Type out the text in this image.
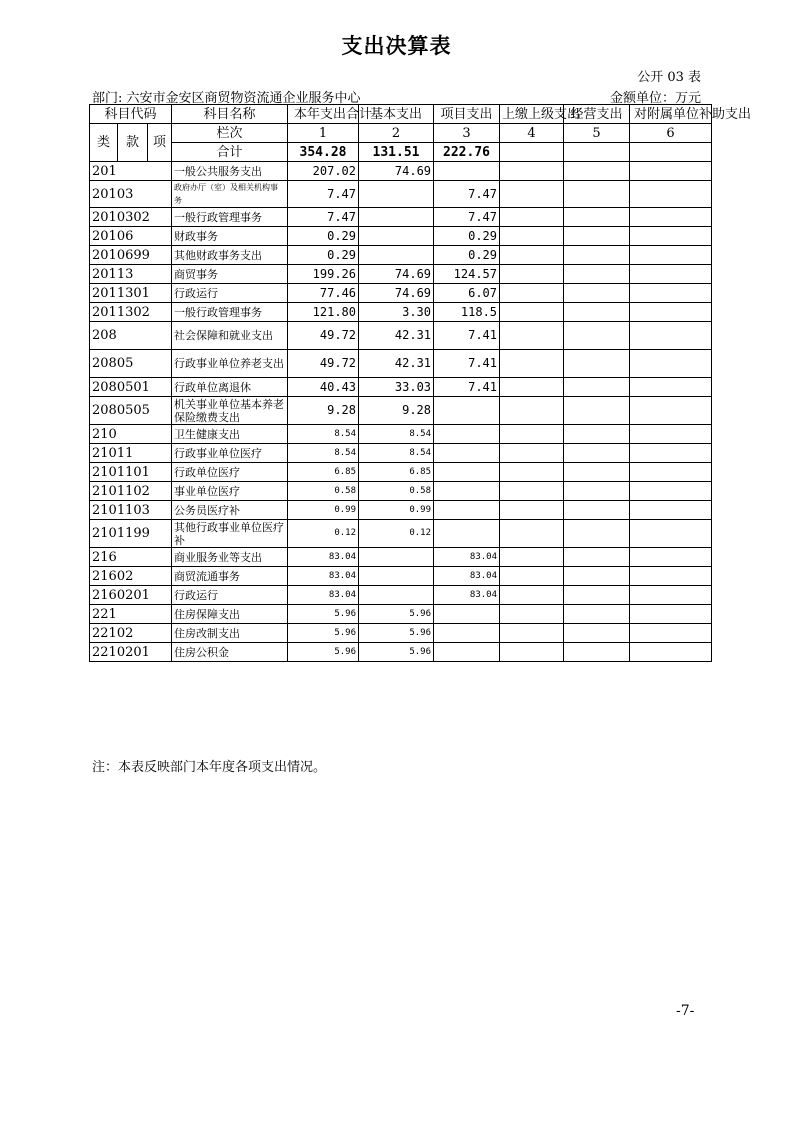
支出决算表
公开 03 表
部门: 六安市金安区商贸物资流通企业服务中心	金额单位：万元
科目代码			科目名称	本年支出合计	基本支出	项目支出	上缴上级支出	经营支出	对附属单位补助支出
类	款	项	栏次	1	2	3	4	5	6
			合计	354.28	131.51	222.76			
201			一般公共服务支出	207.02	74.69				
20103			政府办厅（室）及相关机构事务	7.47		7.47			
2010302			一般行政管理事务	7.47		7.47			
20106			财政事务	0.29		0.29			
2010699			其他财政事务支出	0.29		0.29			
20113			商贸事务	199.26	74.69	124.57			
2011301			行政运行	77.46	74.69	6.07			
2011302			一般行政管理事务	121.80	3.30	118.5			
208			社会保障和就业支出	49.72	42.31	7.41			
20805			行政事业单位养老支出	49.72	42.31	7.41			
2080501			行政单位离退休	40.43	33.03	7.41			
2080505			机关事业单位基本养老保险缴费支出	9.28	9.28				
210			卫生健康支出	8.54	8.54				
21011			行政事业单位医疗	8.54	8.54				
2101101			行政单位医疗	6.85	6.85				
2101102			事业单位医疗	0.58	0.58				
2101103			公务员医疗补	0.99	0.99				
2101199			其他行政事业单位医疗补	0.12	0.12				
216			商业服务业等支出	83.04		83.04			
21602			商贸流通事务	83.04		83.04			
2160201			行政运行	83.04		83.04			
221			住房保障支出	5.96	5.96				
22102			住房改制支出	5.96	5.96				
2210201			住房公积金	5.96	5.96				
注：本表反映部门本年度各项支出情况。
-7-
